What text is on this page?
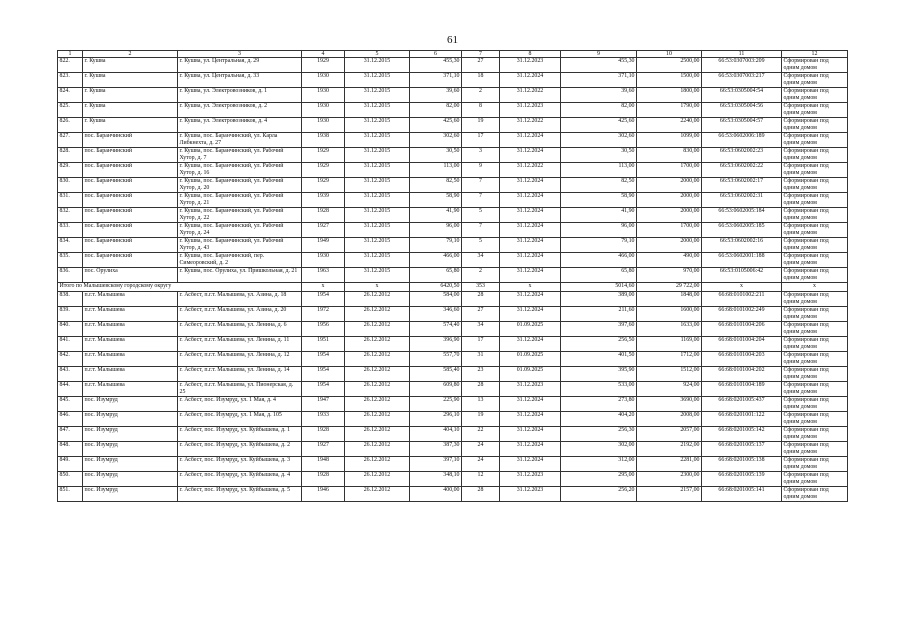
61
1	2	3	4	5	6	7	8	9	10	11	12
822.	г. Кушва	г. Кушва, ул. Центральная, д. 29	1929	31.12.2015	455,30	27	31.12.2023	455,30	2500,00	66:53:0307003:209	Сформирован под одним домом
823.	г. Кушва	г. Кушва, ул. Центральная, д. 33	1930	31.12.2015	371,10	18	31.12.2024	371,10	1500,00	66:53:0307003:217	Сформирован под одним домом
824.	г. Кушва	г. Кушва, ул. Электровозников, д. 1	1930	31.12.2015	39,60	2	31.12.2022	39,60	1800,00	66:53:0305004:54	Сформирован под одним домом
825.	г. Кушва	г. Кушва, ул. Электровозников, д. 2	1930	31.12.2015	82,00	8	31.12.2023	82,00	1790,00	66:53:0305004:56	Сформирован под одним домом
826.	г. Кушва	г. Кушва, ул. Электровозников, д. 4	1930	31.12.2015	425,60	19	31.12.2022	425,60	2240,00	66:53:0305004:57	Сформирован под одним домом
827.	пос. Баранчинский	г. Кушва, пос. Баранчинский, ул. Карла Либкнехта, д. 27	1938	31.12.2015	302,60	17	31.12.2024	302,60	1099,00	66:53:0602006:189	Сформирован под одним домом
828.	пос. Баранчинский	г. Кушва, пос. Баранчинский, ул. Рабочий Хутор, д. 7	1929	31.12.2015	30,50	3	31.12.2024	30,50	830,00	66:53:0602002:23	Сформирован под одним домом
829.	пос. Баранчинский	г. Кушва, пос. Баранчинский, ул. Рабочий Хутор, д. 16	1929	31.12.2015	113,00	9	31.12.2022	113,00	1700,00	66:53:0602002:22	Сформирован под одним домом
830.	пос. Баранчинский	г. Кушва, пос. Баранчинский, ул. Рабочий Хутор, д. 20	1929	31.12.2015	82,50	7	31.12.2024	82,50	2000,00	66:53:0602002:17	Сформирован под одним домом
831.	пос. Баранчинский	г. Кушва, пос. Баранчинский, ул. Рабочий Хутор, д. 21	1939	31.12.2015	58,90	7	31.12.2024	58,90	2000,00	66:53:0602002:31	Сформирован под одним домом
832.	пос. Баранчинский	г. Кушва, пос. Баранчинский, ул. Рабочий Хутор, д. 22	1928	31.12.2015	41,90	5	31.12.2024	41,90	2000,00	66:53:0602005:184	Сформирован под одним домом
833.	пос. Баранчинский	г. Кушва, пос. Баранчинский, ул. Рабочий Хутор, д. 24	1927	31.12.2015	96,00	7	31.12.2024	96,00	1700,00	66:53:0602005:185	Сформирован под одним домом
834.	пос. Баранчинский	г. Кушва, пос. Баранчинский, ул. Рабочий Хутор, д. 43	1949	31.12.2015	79,10	5	31.12.2024	79,10	2000,00	66:53:0602002:16	Сформирован под одним домом
835.	пос. Баранчинский	г. Кушва, пос. Баранчинский, пер. Симеоровский, д. 2	1930	31.12.2015	466,00	34	31.12.2024	466,00	490,00	66:53:0602001:188	Сформирован под одним домом
836.	пос. Орулиха	г. Кушва, пос. Орулиха, ул. Пришкольная, д. 21	1963	31.12.2015	65,80	2	31.12.2024	65,80	970,00	66:53:0105006:42	Сформирован под одним домом
Итого по Малышевскому городскому округу			x	x	6420,50	353	x	5014,60	29 722,00	x	x
838.	п.г.т. Малышева	г. Асбест, п.г.т. Малышева, ул. Азина, д. 18	1954	26.12.2012	584,00	28	31.12.2024	389,00	1848,00	66:68:0101002:211	Сформирован под одним домом
839.	п.г.т. Малышева	г. Асбест, п.г.т. Малышева, ул. Азина, д. 20	1972	26.12.2012	346,60	27	31.12.2024	211,60	1600,00	66:68:0101002:249	Сформирован под одним домом
840.	п.г.т. Малышева	г. Асбест, п.г.т. Малышева, ул. Ленина, д. 6	1956	26.12.2012	574,40	34	01.09.2025	397,60	1633,00	66:68:0101004:206	Сформирован под одним домом
841.	п.г.т. Малышева	г. Асбест, п.г.т. Малышева, ул. Ленина, д. 11	1951	26.12.2012	396,90	17	31.12.2024	256,50	1169,00	66:68:0101004:204	Сформирован под одним домом
842.	п.г.т. Малышева	г. Асбест, п.г.т. Малышева, ул. Ленина, д. 12	1954	26.12.2012	557,70	31	01.09.2025	401,50	1712,00	66:68:0101004:203	Сформирован под одним домом
843.	п.г.т. Малышева	г. Асбест, п.г.т. Малышева, ул. Ленина, д. 14	1954	26.12.2012	585,40	23	01.09.2025	395,90	1512,00	66:68:0101004:202	Сформирован под одним домом
844.	п.г.т. Малышева	г. Асбест, п.г.т. Малышева, ул. Пионерская, д. 25	1954	26.12.2012	609,80	28	31.12.2023	533,00	924,00	66:68:0101004:189	Сформирован под одним домом
845.	пос. Изумруд	г. Асбест, пос. Изумруд, ул. 1 Мая, д. 4	1947	26.12.2012	225,90	13	31.12.2024	273,80	3690,00	66:68:0201005:437	Сформирован под одним домом
846.	пос. Изумруд	г. Асбест, пос. Изумруд, ул. 1 Мая, д. 105	1933	26.12.2012	296,10	19	31.12.2024	404,20	2008,00	66:68:0201001:122	Сформирован под одним домом
847.	пос. Изумруд	г. Асбест, пос. Изумруд, ул. Куйбышева, д. 1	1928	26.12.2012	404,10	22	31.12.2024	256,30	2057,00	66:68:0201005:142	Сформирован под одним домом
848.	пос. Изумруд	г. Асбест, пос. Изумруд, ул. Куйбышева, д. 2	1927	26.12.2012	387,30	24	31.12.2024	302,00	2192,00	66:68:0201005:137	Сформирован под одним домом
849.	пос. Изумруд	г. Асбест, пос. Изумруд, ул. Куйбышева, д. 3	1948	26.12.2012	397,10	24	31.12.2024	312,00	2281,00	66:68:0201005:138	Сформирован под одним домом
850.	пос. Изумруд	г. Асбест, пос. Изумруд, ул. Куйбышева, д. 4	1928	26.12.2012	348,10	12	31.12.2023	295,00	2300,00	66:68:0201005:139	Сформирован под одним домом
851.	пос. Изумруд	г. Асбест, пос. Изумруд, ул. Куйбышева, д. 5	1946	26.12.2012	400,00	28	31.12.2023	256,20	2157,00	66:68:0201005:141	Сформирован под одним домом
